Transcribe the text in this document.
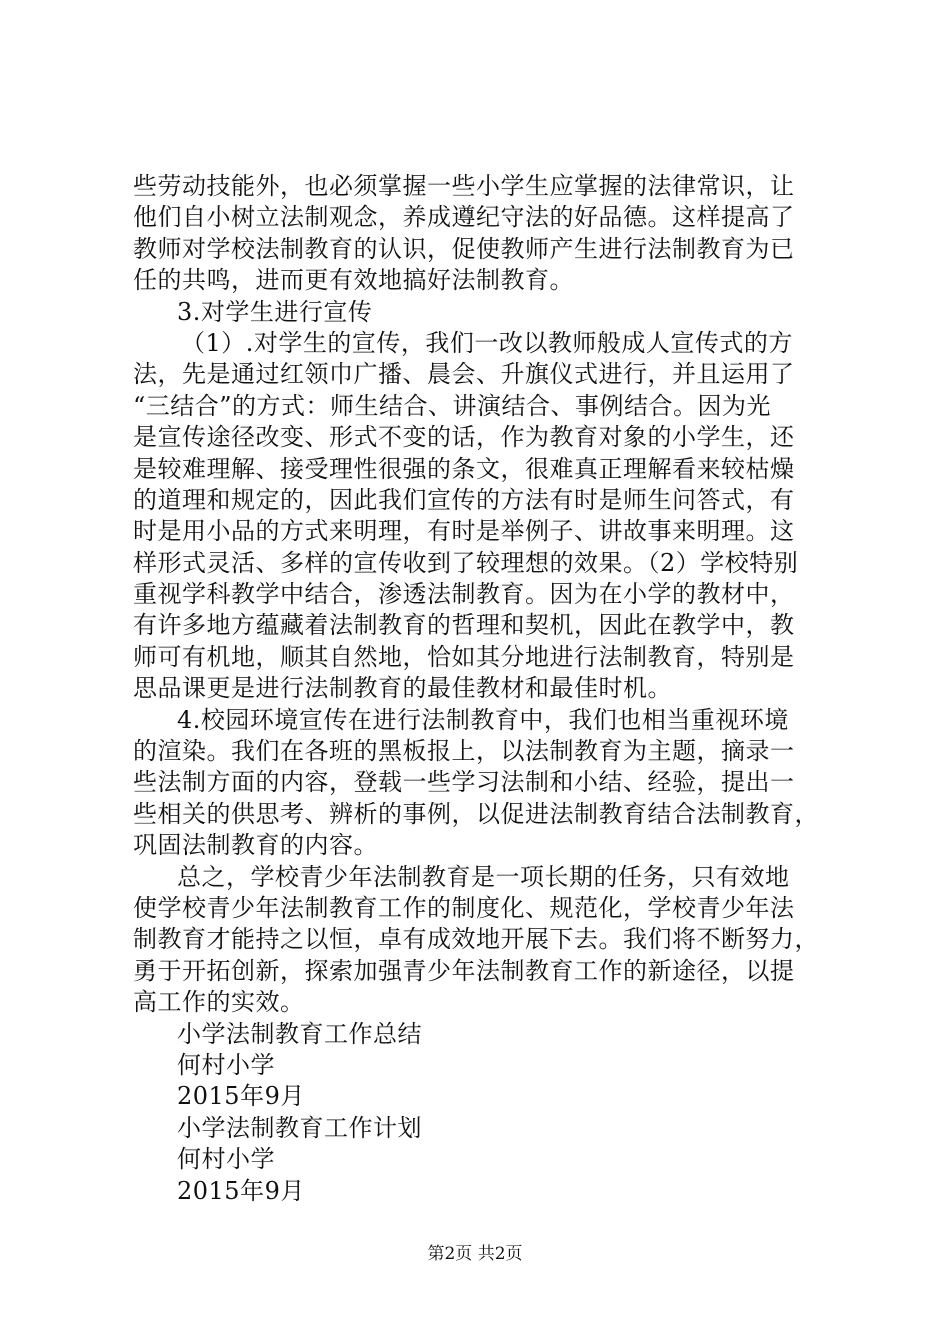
些劳动技能外，也必须掌握一些小学生应掌握的法律常识，让
他们自小树立法制观念，养成遵纪守法的好品德。这样提高了
教师对学校法制教育的认识，促使教师产生进行法制教育为已
任的共鸣，进而更有效地搞好法制教育。
3.对学生进行宣传
（1）.对学生的宣传，我们一改以教师般成人宣传式的方
法，先是通过红领巾广播、晨会、升旗仪式进行，并且运用了
“三结合”的方式：师生结合、讲演结合、事例结合。因为光
是宣传途径改变、形式不变的话，作为教育对象的小学生，还
是较难理解、接受理性很强的条文，很难真正理解看来较枯燥
的道理和规定的，因此我们宣传的方法有时是师生问答式，有
时是用小品的方式来明理，有时是举例子、讲故事来明理。这
样形式灵活、多样的宣传收到了较理想的效果。（2）学校特别
重视学科教学中结合，渗透法制教育。因为在小学的教材中，
有许多地方蕴藏着法制教育的哲理和契机，因此在教学中，教
师可有机地，顺其自然地，恰如其分地进行法制教育，特别是
思品课更是进行法制教育的最佳教材和最佳时机。
4.校园环境宣传在进行法制教育中，我们也相当重视环境
的渲染。我们在各班的黑板报上，以法制教育为主题，摘录一
些法制方面的内容，登载一些学习法制和小结、经验，提出一
些相关的供思考、辨析的事例，以促进法制教育结合法制教育，
巩固法制教育的内容。
总之，学校青少年法制教育是一项长期的任务，只有效地
使学校青少年法制教育工作的制度化、规范化，学校青少年法
制教育才能持之以恒，卓有成效地开展下去。我们将不断努力，
勇于开拓创新，探索加强青少年法制教育工作的新途径，以提
高工作的实效。
小学法制教育工作总结
何村小学
2015年9月
小学法制教育工作计划
何村小学
2015年9月
第2页 共2页
